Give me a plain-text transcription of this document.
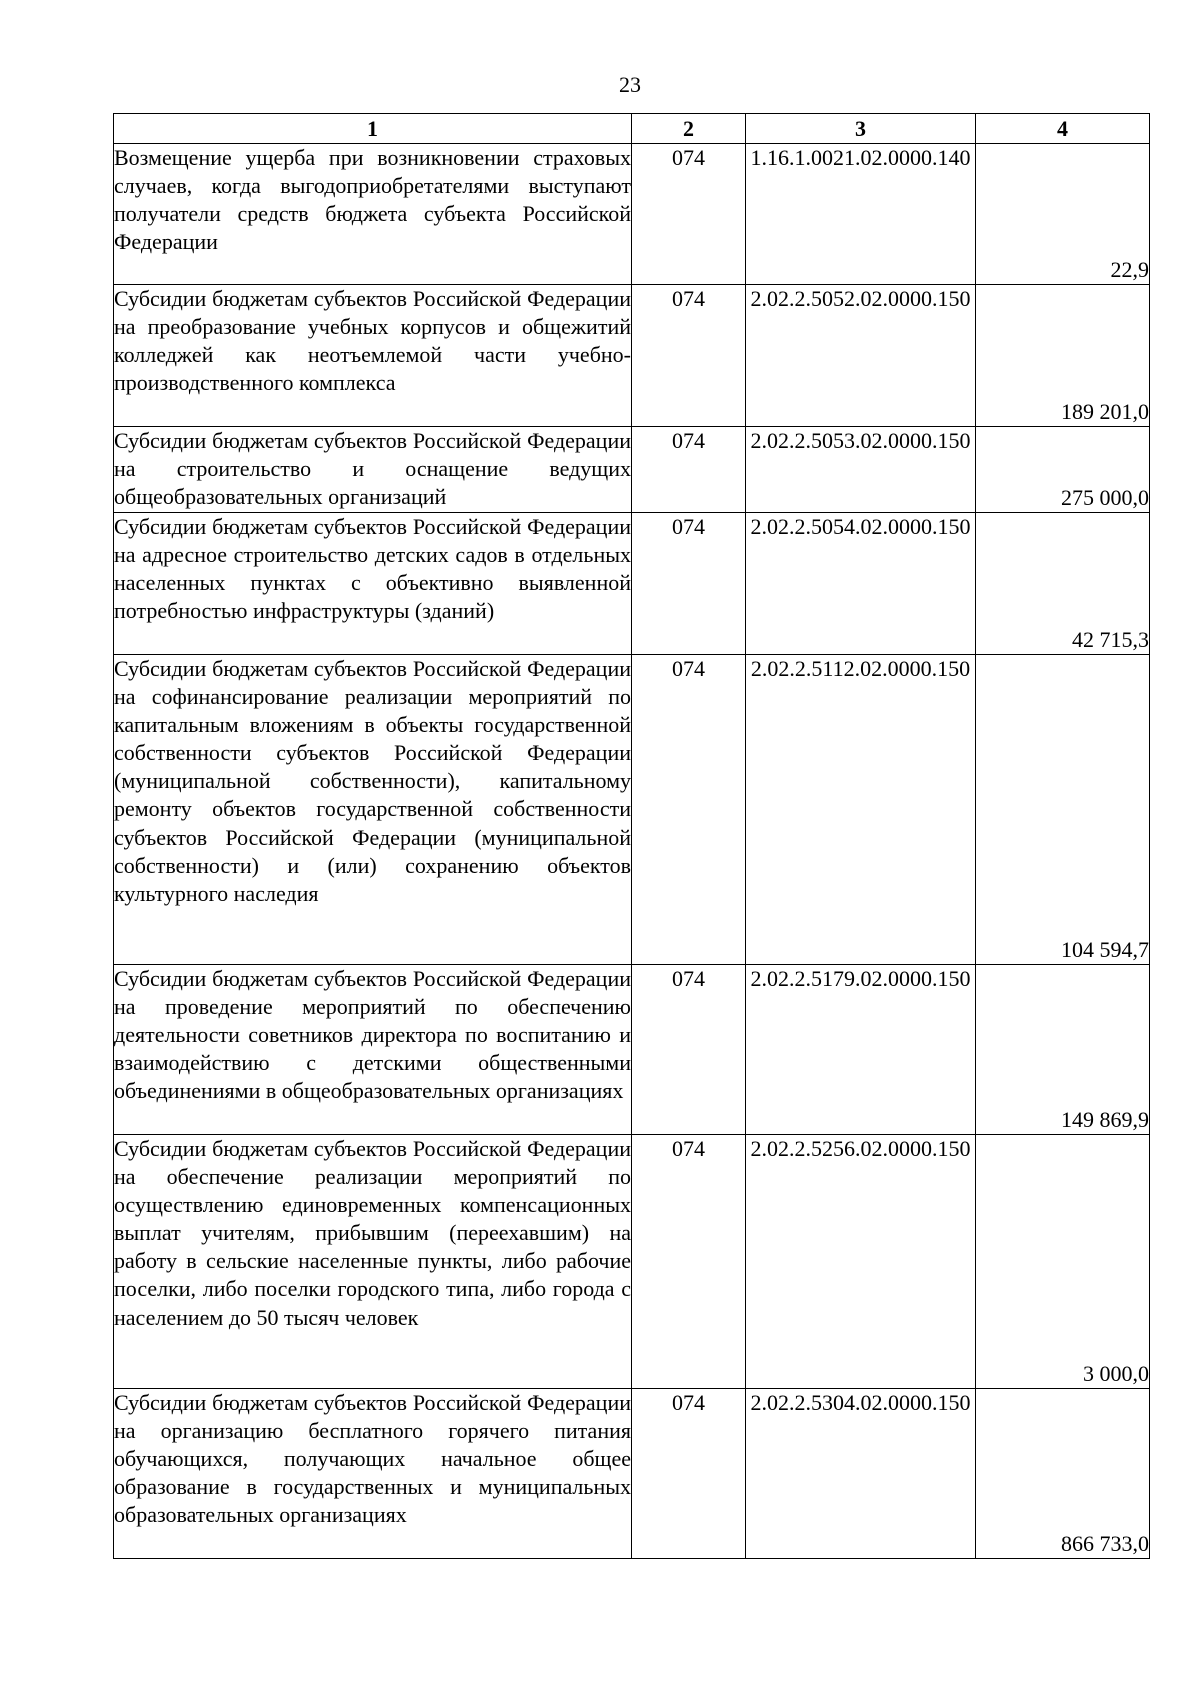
23
1	2	3	4
Возмещение ущерба при возникновении страховых случаев, когда выгодоприобретателями выступают получатели средств бюджета субъекта Российской Федерации	074	1.16.1.0021.02.0000.140	22,9
Субсидии бюджетам субъектов Российской Федерации на преобразование учебных корпусов и общежитий колледжей как неотъемлемой части учебно-производственного комплекса	074	2.02.2.5052.02.0000.150	189 201,0
Субсидии бюджетам субъектов Российской Федерации на строительство и оснащение ведущих общеобразовательных организаций	074	2.02.2.5053.02.0000.150	275 000,0
Субсидии бюджетам субъектов Российской Федерации на адресное строительство детских садов в отдельных населенных пунктах с объективно выявленной потребностью инфраструктуры (зданий)	074	2.02.2.5054.02.0000.150	42 715,3
Субсидии бюджетам субъектов Российской Федерации на софинансирование реализации мероприятий по капитальным вложениям в объекты государственной собственности субъектов Российской Федерации (муниципальной собственности), капитальному ремонту объектов государственной собственности субъектов Российской Федерации (муниципальной собственности) и (или) сохранению объектов культурного наследия	074	2.02.2.5112.02.0000.150	104 594,7
Субсидии бюджетам субъектов Российской Федерации на проведение мероприятий по обеспечению деятельности советников директора по воспитанию и взаимодействию с детскими общественными объединениями в общеобразовательных организациях	074	2.02.2.5179.02.0000.150	149 869,9
Субсидии бюджетам субъектов Российской Федерации на обеспечение реализации мероприятий по осуществлению единовременных компенсационных выплат учителям, прибывшим (переехавшим) на работу в сельские населенные пункты, либо рабочие поселки, либо поселки городского типа, либо города с населением до 50 тысяч человек	074	2.02.2.5256.02.0000.150	3 000,0
Субсидии бюджетам субъектов Российской Федерации на организацию бесплатного горячего питания обучающихся, получающих начальное общее образование в государственных и муниципальных образовательных организациях	074	2.02.2.5304.02.0000.150	866 733,0
